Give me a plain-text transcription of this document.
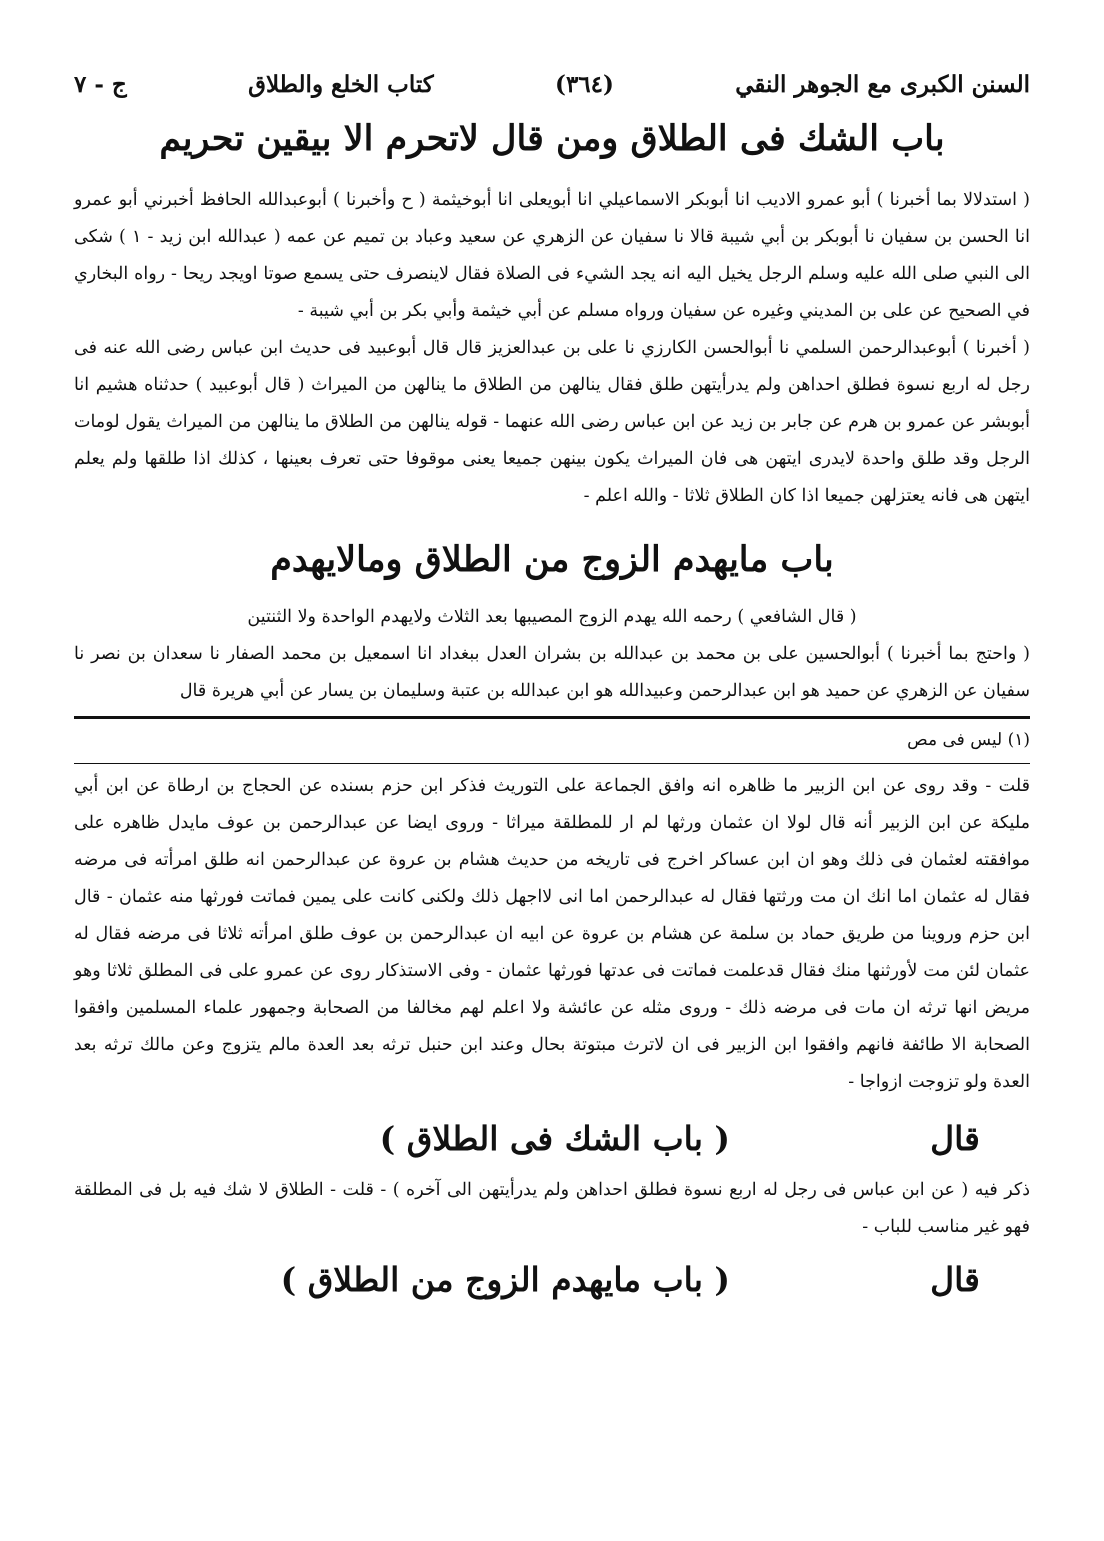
السنن الكبرى مع الجوهر النقي
(٣٦٤)
كتاب الخلع والطلاق
ج - ٧
باب الشك فى الطلاق ومن قال لاتحرم الا بيقين تحريم

( استدلالا بما أخبرنا ) أبو عمرو الاديب انا أبوبكر الاسماعيلي انا أبويعلى انا أبوخيثمة ( ح وأخبرنا ) أبوعبدالله الحافظ أخبرني أبو عمرو انا الحسن بن سفيان نا أبوبكر بن أبي شيبة قالا نا سفيان عن الزهري عن سعيد وعباد بن تميم عن عمه ( عبدالله ابن زيد - ١ ) شكى الى النبي صلى الله عليه وسلم الرجل يخيل اليه انه يجد الشيء فى الصلاة فقال لاينصرف حتى يسمع صوتا اويجد ريحا - رواه البخاري في الصحيح عن على بن المديني وغيره عن سفيان ورواه مسلم عن أبي خيثمة وأبي بكر بن أبي شيبة -

( أخبرنا ) أبوعبدالرحمن السلمي نا أبوالحسن الكارزي نا على بن عبدالعزيز قال قال أبوعبيد فى حديث ابن عباس رضى الله عنه فى رجل له اربع نسوة فطلق احداهن ولم يدرأيتهن طلق فقال ينالهن من الطلاق ما ينالهن من الميراث ( قال أبوعبيد ) حدثناه هشيم انا أبوبشر عن عمرو بن هرم عن جابر بن زيد عن ابن عباس رضى الله عنهما - قوله ينالهن من الطلاق ما ينالهن من الميراث يقول لومات الرجل وقد طلق واحدة لايدرى ايتهن هى فان الميراث يكون بينهن جميعا يعنى موقوفا حتى تعرف بعينها ، كذلك اذا طلقها ولم يعلم ايتهن هى فانه يعتزلهن جميعا اذا كان الطلاق ثلاثا - والله اعلم -

باب مايهدم الزوج من الطلاق ومالايهدم

( قال الشافعي ) رحمه الله يهدم الزوج المصيبها بعد الثلاث ولايهدم الواحدة ولا الثنتين

( واحتج بما أخبرنا ) أبوالحسين على بن محمد بن عبدالله بن بشران العدل ببغداد انا اسمعيل بن محمد الصفار نا سعدان بن نصر نا سفيان عن الزهري عن حميد هو ابن عبدالرحمن وعبيدالله هو ابن عبدالله بن عتبة وسليمان بن يسار عن أبي هريرة قال

(١) ليس فى مص

قلت - وقد روى عن ابن الزبير ما ظاهره انه وافق الجماعة على التوريث فذكر ابن حزم بسنده عن الحجاج بن ارطاة عن ابن أبي مليكة عن ابن الزبير أنه قال لولا ان عثمان ورثها لم ار للمطلقة ميراثا - وروى ايضا عن عبدالرحمن بن عوف مايدل ظاهره على موافقته لعثمان فى ذلك وهو ان ابن عساكر اخرج فى تاريخه من حديث هشام بن عروة عن عبدالرحمن انه طلق امرأته فى مرضه فقال له عثمان اما انك ان مت ورثتها فقال له عبدالرحمن اما انى لااجهل ذلك ولكنى كانت على يمين فماتت فورثها منه عثمان - قال ابن حزم وروينا من طريق حماد بن سلمة عن هشام بن عروة عن ابيه ان عبدالرحمن بن عوف طلق امرأته ثلاثا فى مرضه فقال له عثمان لئن مت لأورثنها منك فقال قدعلمت فماتت فى عدتها فورثها عثمان - وفى الاستذكار روى عن عمرو على فى المطلق ثلاثا وهو مريض انها ترثه ان مات فى مرضه ذلك - وروى مثله عن عائشة ولا اعلم لهم مخالفا من الصحابة وجمهور علماء المسلمين وافقوا الصحابة الا طائفة فانهم وافقوا ابن الزبير فى ان لاترث مبتوتة بحال وعند ابن حنبل ترثه بعد العدة مالم يتزوج وعن مالك ترثه بعد العدة ولو تزوجت ازواجا -

قال
( باب الشك فى الطلاق )

ذكر فيه ( عن ابن عباس فى رجل له اربع نسوة فطلق احداهن ولم يدرأيتهن الى آخره ) - قلت - الطلاق لا شك فيه بل فى المطلقة فهو غير مناسب للباب -

قال
( باب مايهدم الزوج من الطلاق )
